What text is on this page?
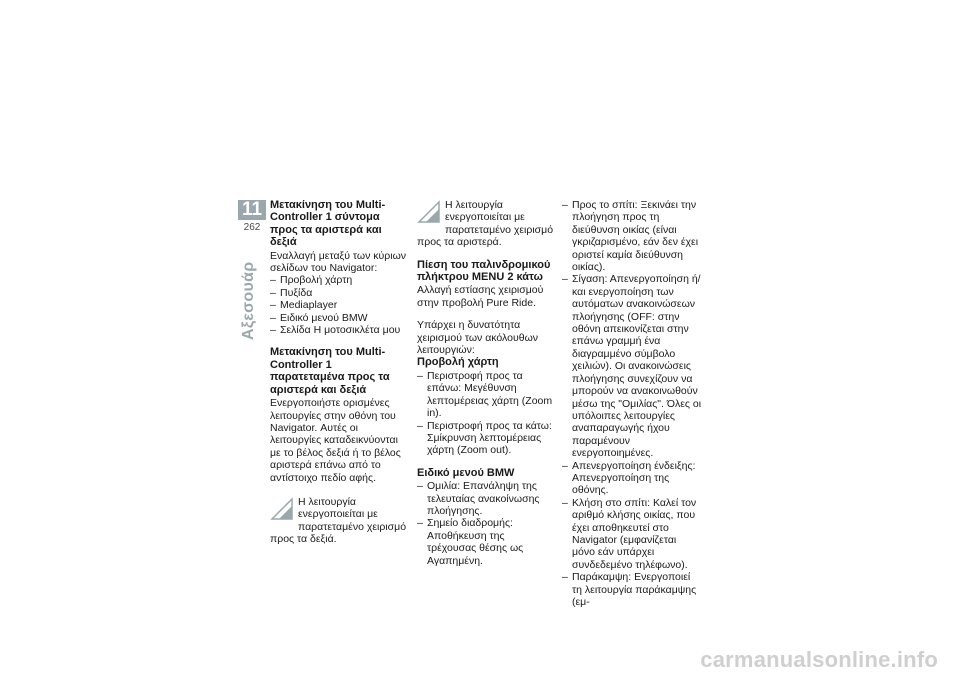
11
262
Αξεσουάρ
Μετακίνηση του Multi-Controller 1 σύντομα προς τα αριστερά και δεξιά

Εναλλαγή μεταξύ των κύριων σελίδων του Navigator:

– Προβολή χάρτη
– Πυξίδα
– Mediaplayer
– Ειδικό μενού BMW
– Σελίδα Η μοτοσικλέτα μου
Μετακίνηση του Multi-Controller 1 παρατεταμένα προς τα αριστερά και δεξιά

Ενεργοποιήστε ορισμένες λειτουργίες στην οθόνη του Navigator. Αυτές οι λειτουργίες καταδεικνύονται με το βέλος δεξιά ή το βέλος αριστερά επάνω από το αντίστοιχο πεδίο αφής.

Η λειτουργία ενεργοποιείται με παρατεταμένο χειρισμό προς τα δεξιά.

Η λειτουργία ενεργοποιείται με παρατεταμένο χειρισμό προς τα αριστερά.

Πίεση του παλινδρομικού πλήκτρου MENU 2 κάτω

Αλλαγή εστίασης χειρισμού στην προβολή Pure Ride.

Υπάρχει η δυνατότητα χειρισμού των ακόλουθων λειτουργιών:

Προβολή χάρτη
– Περιστροφή προς τα επάνω: Μεγέθυνση λεπτομέρειας χάρτη (Zoom in).
– Περιστροφή προς τα κάτω: Σμίκρυνση λεπτομέρειας χάρτη (Zoom out).
Ειδικό μενού BMW
– Ομιλία: Επανάληψη της τελευταίας ανακοίνωσης πλοήγησης.
– Σημείο διαδρομής: Αποθήκευση της τρέχουσας θέσης ως Αγαπημένη.
– Προς το σπίτι: Ξεκινάει την πλοήγηση προς τη διεύθυνση οικίας (είναι γκριζαρισμένο, εάν δεν έχει οριστεί καμία διεύθυνση οικίας).
– Σίγαση: Απενεργοποίηση ή/και ενεργοποίηση των αυτόματων ανακοινώσεων πλοήγησης (OFF: στην οθόνη απεικονίζεται στην επάνω γραμμή ένα διαγραμμένο σύμβολο χειλιών). Οι ανακοινώσεις πλοήγησης συνεχίζουν να μπορούν να ανακοινωθούν μέσω της "Ομιλίας". Όλες οι υπόλοιπες λειτουργίες αναπαραγωγής ήχου παραμένουν ενεργοποιημένες.
– Απενεργοποίηση ένδειξης: Απενεργοποίηση της οθόνης.
– Κλήση στο σπίτι: Καλεί τον αριθμό κλήσης οικίας, που έχει αποθηκευτεί στο Navigator (εμφανίζεται μόνο εάν υπάρχει συνδεδεμένο τηλέφωνο).
– Παράκαμψη: Ενεργοποιεί τη λειτουργία παράκαμψης (εμ-
carmanualsonline.info
